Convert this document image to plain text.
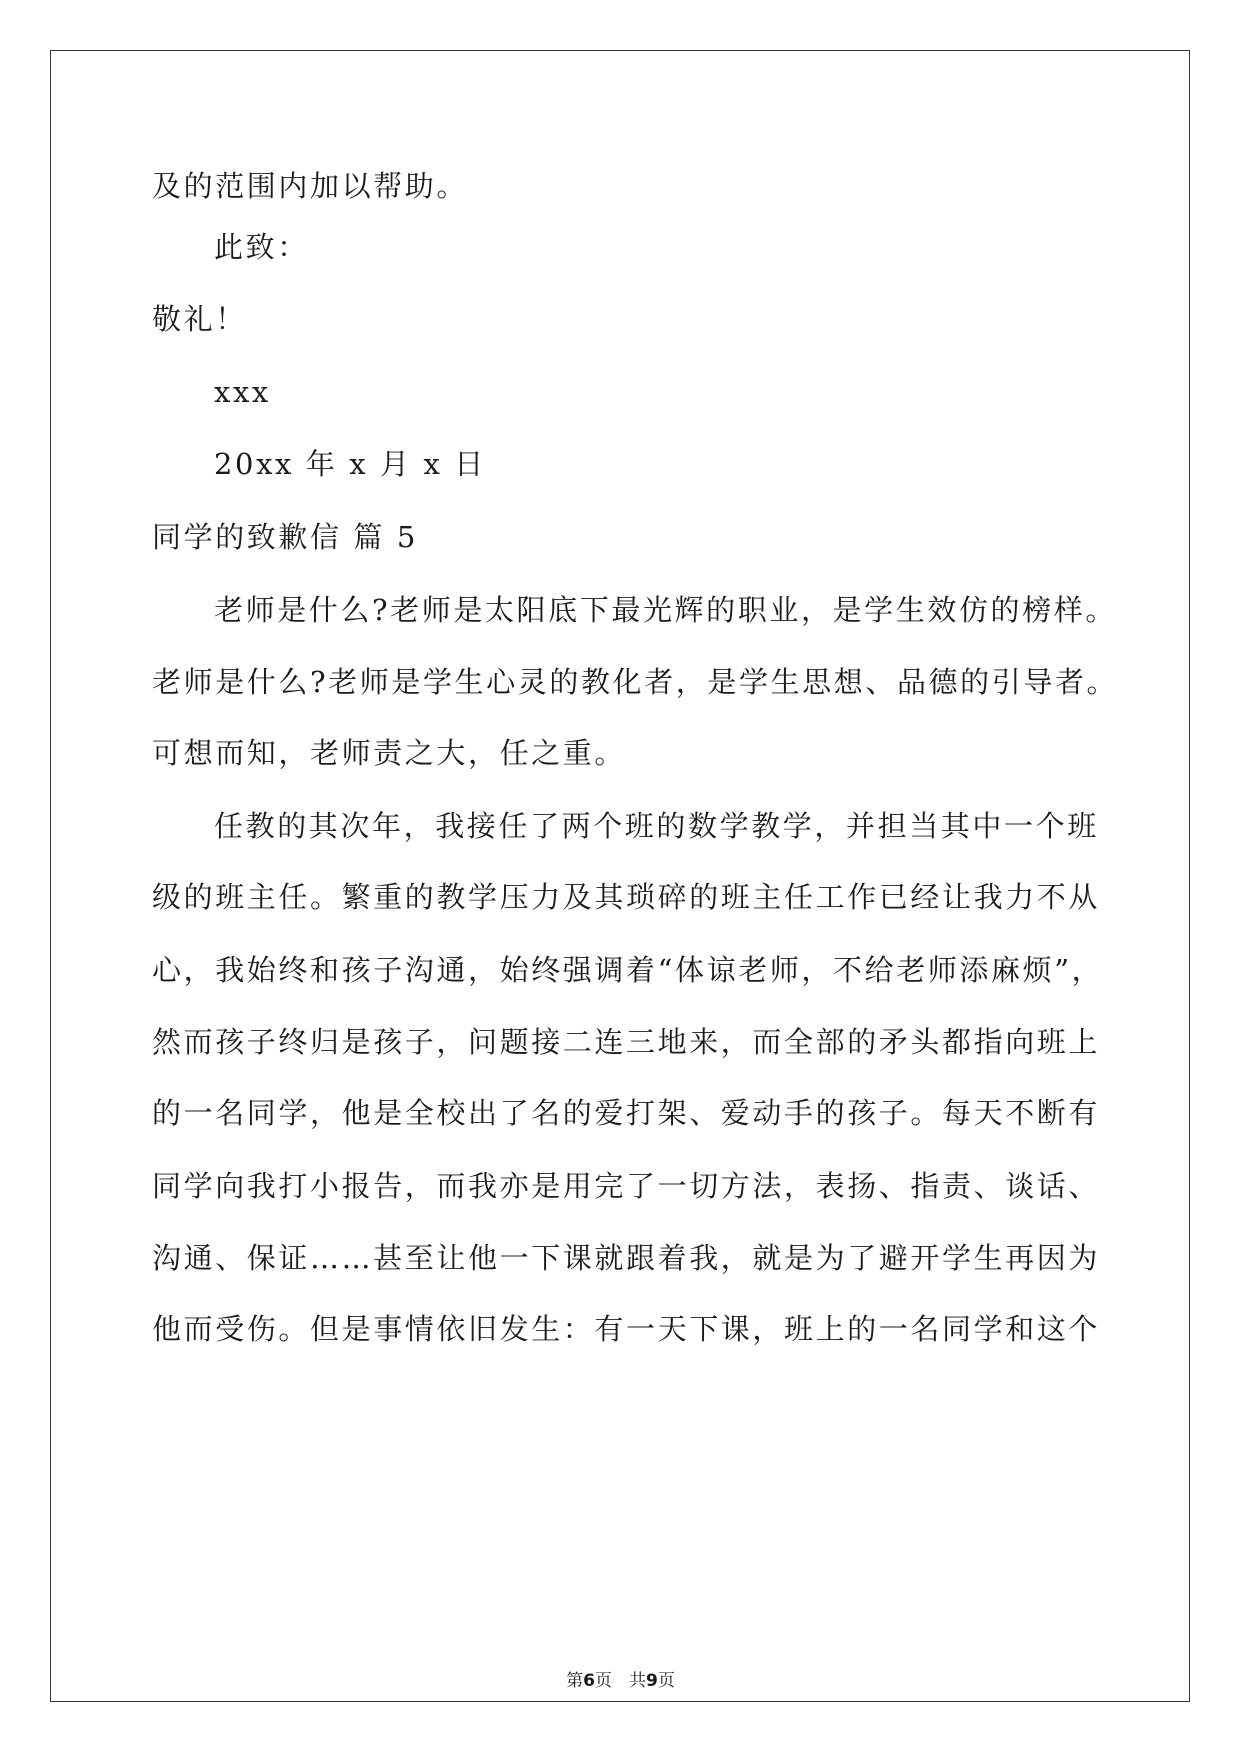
及的范围内加以帮助。
此致：
敬礼！
xxx
20xx 年 x 月 x 日
同学的致歉信 篇 5
老师是什么?老师是太阳底下最光辉的职业，是学生效仿的榜样。
老师是什么?老师是学生心灵的教化者，是学生思想、品德的引导者。
可想而知，老师责之大，任之重。
任教的其次年，我接任了两个班的数学教学，并担当其中一个班
级的班主任。繁重的教学压力及其琐碎的班主任工作已经让我力不从
心，我始终和孩子沟通，始终强调着“体谅老师，不给老师添麻烦”，
然而孩子终归是孩子，问题接二连三地来，而全部的矛头都指向班上
的一名同学，他是全校出了名的爱打架、爱动手的孩子。每天不断有
同学向我打小报告，而我亦是用完了一切方法，表扬、指责、谈话、
沟通、保证……甚至让他一下课就跟着我，就是为了避开学生再因为
他而受伤。但是事情依旧发生：有一天下课，班上的一名同学和这个
第6页　共9页
